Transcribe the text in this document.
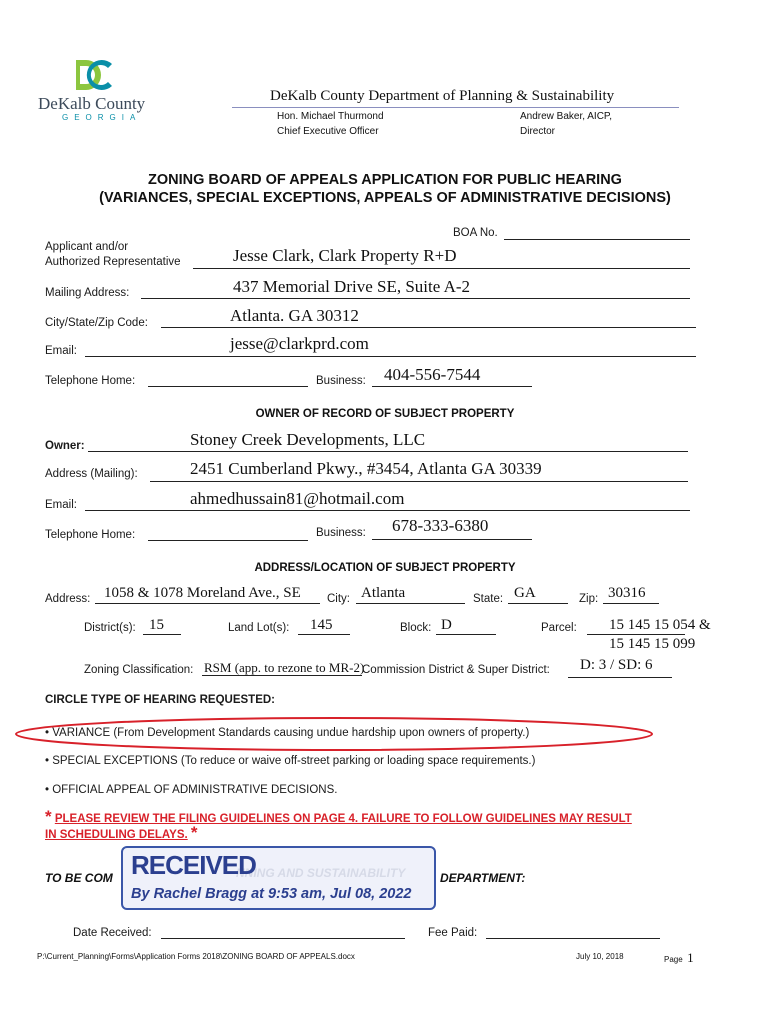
DeKalb County
GEORGIA
DeKalb County Department of Planning & Sustainability
Hon. Michael Thurmond
Chief Executive Officer
Andrew Baker, AICP,
Director
ZONING BOARD OF APPEALS APPLICATION FOR PUBLIC HEARING
(VARIANCES, SPECIAL EXCEPTIONS, APPEALS OF ADMINISTRATIVE DECISIONS)
BOA No.
Applicant and/or
Authorized Representative	Jesse Clark, Clark Property R+D
Mailing Address:	437 Memorial Drive SE, Suite A-2
City/State/Zip Code:	Atlanta. GA 30312
Email:	jesse@clarkprd.com
Telephone Home:	Business: 404-556-7544
OWNER OF RECORD OF SUBJECT PROPERTY
Owner:	Stoney Creek Developments, LLC
Address (Mailing):	2451 Cumberland Pkwy., #3454, Atlanta GA 30339
Email:	ahmedhussain81@hotmail.com
Telephone Home:	Business: 678-333-6380
ADDRESS/LOCATION OF SUBJECT PROPERTY
Address: 1058 & 1078 Moreland Ave., SE City: Atlanta	State: GA	Zip: 30316
District(s): 15	Land Lot(s): 145	Block: D	Parcel: 15 145 15 054 &
15 145 15 099
Zoning Classification: RSM (app. to rezone to MR-2)
Commission District & Super District: D: 3 / SD: 6
CIRCLE TYPE OF HEARING REQUESTED:
• VARIANCE (From Development Standards causing undue hardship upon owners of property.)
• SPECIAL EXCEPTIONS (To reduce or waive off-street parking or loading space requirements.)
• OFFICIAL APPEAL OF ADMINISTRATIVE DECISIONS.
* PLEASE REVIEW THE FILING GUIDELINES ON PAGE 4. FAILURE TO FOLLOW GUIDELINES MAY RESULT
IN SCHEDULING DELAYS. *
TO BE COM	DEPARTMENT:
RECEIVED
By Rachel Bragg at 9:53 am, Jul 08, 2022
Date Received:	Fee Paid:
P:\Current_Planning\Forms\Application Forms 2018\ZONING BOARD OF APPEALS.docx	July 10, 2018	Page 1
